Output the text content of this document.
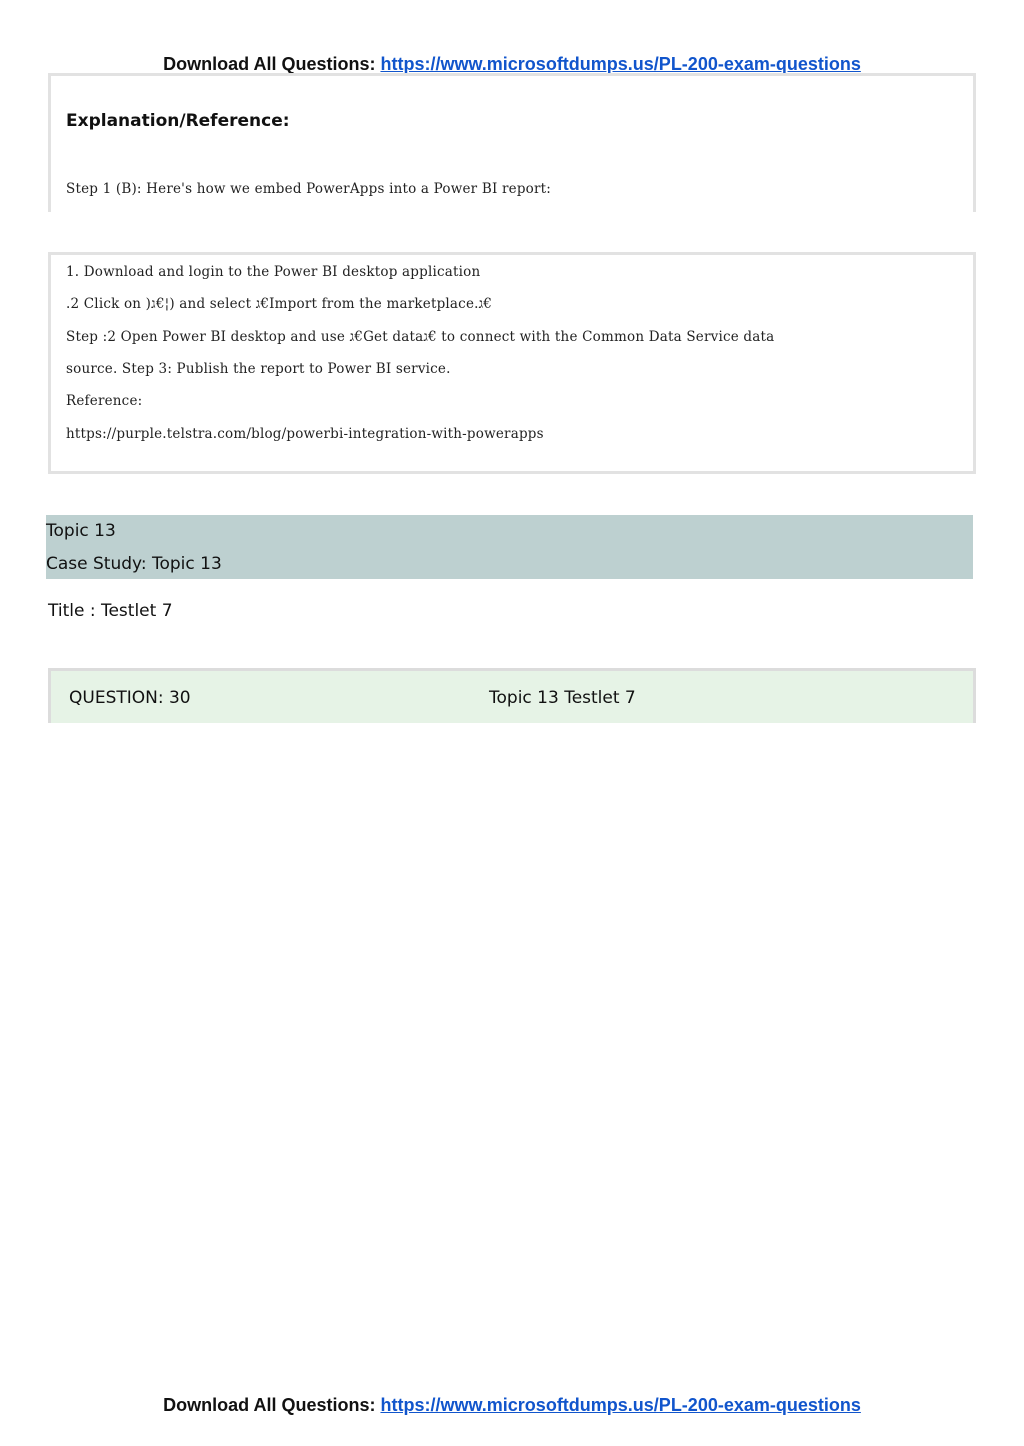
Download All Questions: https://www.microsoftdumps.us/PL-200-exam-questions
Explanation/Reference:
Step 1 (B): Here's how we embed PowerApps into a Power BI report:
1. Download and login to the Power BI desktop application
.2 Click on )ג€¦) and select ג€Import from the marketplace.ג€
Step :2 Open Power BI desktop and use ג€Get dataג€ to connect with the Common Data Service data
source. Step 3: Publish the report to Power BI service.
Reference:
https://purple.telstra.com/blog/powerbi-integration-with-powerapps
Topic 13
Case Study: Topic 13
Title : Testlet 7
QUESTION: 30	Topic 13 Testlet 7
Download All Questions: https://www.microsoftdumps.us/PL-200-exam-questions
